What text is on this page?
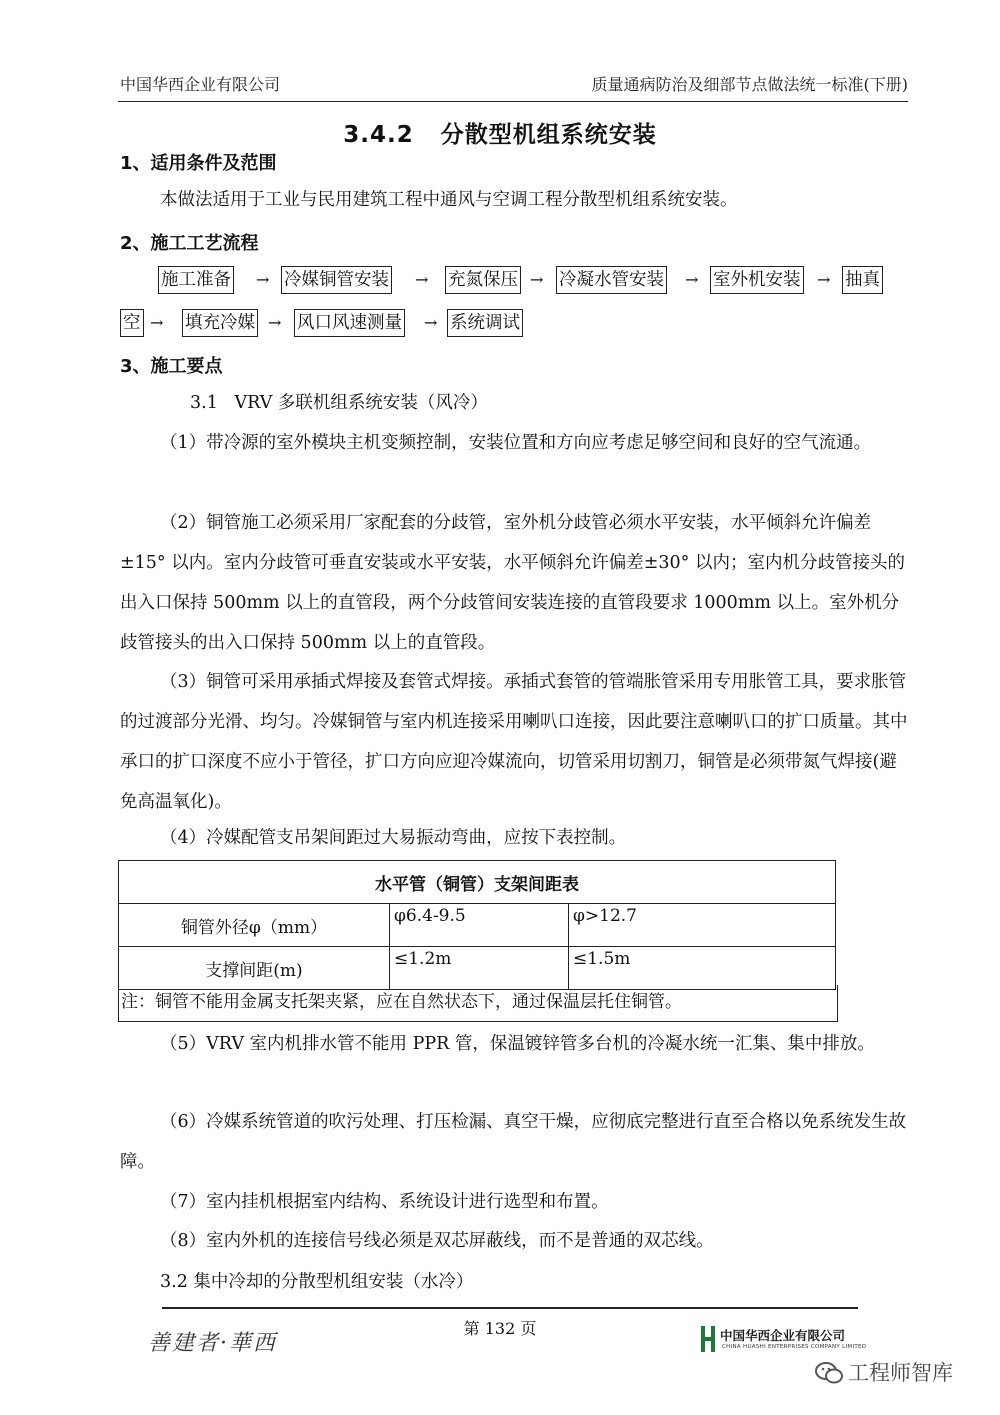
中国华西企业有限公司	质量通病防治及细部节点做法统一标准(下册)
3.4.2   分散型机组系统安装
1、适用条件及范围
本做法适用于工业与民用建筑工程中通风与空调工程分散型机组系统安装。
2、施工工艺流程
施工准备 → 冷媒铜管安装 → 充氮保压 → 冷凝水管安装 → 室外机安装 → 抽真
空 → 填充冷媒 → 风口风速测量 → 系统调试
3、施工要点
3.1   VRV 多联机组系统安装（风冷）
（1）带冷源的室外模块主机变频控制，安装位置和方向应考虑足够空间和良好的空气流通。
（2）铜管施工必须采用厂家配套的分歧管，室外机分歧管必须水平安装，水平倾斜允许偏差±15° 以内。室内分歧管可垂直安装或水平安装，水平倾斜允许偏差±30° 以内；室内机分歧管接头的出入口保持 500mm 以上的直管段，两个分歧管间安装连接的直管段要求 1000mm 以上。室外机分歧管接头的出入口保持 500mm 以上的直管段。
（3）铜管可采用承插式焊接及套管式焊接。承插式套管的管端胀管采用专用胀管工具，要求胀管的过渡部分光滑、均匀。冷媒铜管与室内机连接采用喇叭口连接，因此要注意喇叭口的扩口质量。其中承口的扩口深度不应小于管径，扩口方向应迎冷媒流向，切管采用切割刀，铜管是必须带氮气焊接(避免高温氧化)。
（4）冷媒配管支吊架间距过大易振动弯曲，应按下表控制。
水平管（铜管）支架间距表		
铜管外径φ（mm）	φ6.4-9.5	φ>12.7
支撑间距(m)	≤1.2m	≤1.5m
注：铜管不能用金属支托架夹紧，应在自然状态下，通过保温层托住铜管。
（5）VRV 室内机排水管不能用 PPR 管，保温镀锌管多台机的冷凝水统一汇集、集中排放。
（6）冷媒系统管道的吹污处理、打压检漏、真空干燥，应彻底完整进行直至合格以免系统发生故障。
（7）室内挂机根据室内结构、系统设计进行选型和布置。
（8）室内外机的连接信号线必须是双芯屏蔽线，而不是普通的双芯线。
3.2 集中冷却的分散型机组安装（水冷）
第 132 页
善建者·華西	中国华西企业有限公司
CHINA HUASHI ENTERPRISES COMPANY LIMITED
工程师智库
